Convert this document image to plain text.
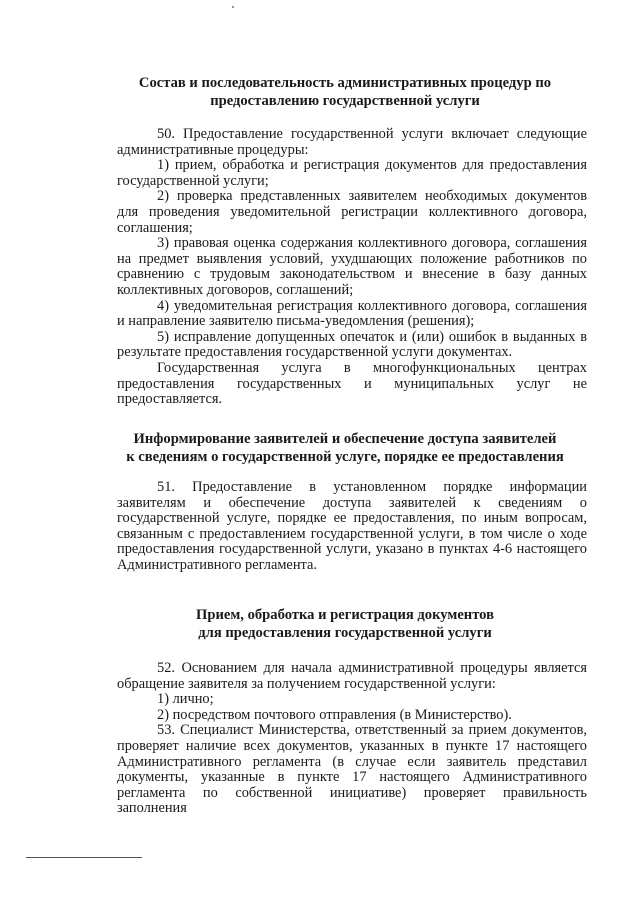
Состав и последовательность административных процедур по
предоставлению государственной услуги

50. Предоставление государственной услуги включает следующие административные процедуры:

1) прием, обработка и регистрация документов для предоставления государственной услуги;

2) проверка представленных заявителем необходимых документов для проведения уведомительной регистрации коллективного договора, соглашения;

3) правовая оценка содержания коллективного договора, соглашения на предмет выявления условий, ухудшающих положение работников по сравнению с трудовым законодательством и внесение в базу данных коллективных договоров, соглашений;

4) уведомительная регистрация коллективного договора, соглашения и направление заявителю письма-уведомления (решения);

5) исправление допущенных опечаток и (или) ошибок в выданных в результате предоставления государственной услуги документах.

Государственная услуга в многофункциональных центрах предоставления государственных и муниципальных услуг не предоставляется.

Информирование заявителей и обеспечение доступа заявителей
к сведениям о государственной услуге, порядке ее предоставления

51. Предоставление в установленном порядке информации заявителям и обеспечение доступа заявителей к сведениям о государственной услуге, порядке ее предоставления, по иным вопросам, связанным с предоставлением государственной услуги, в том числе о ходе предоставления государственной услуги, указано в пунктах 4-6 настоящего Административного регламента.

Прием, обработка и регистрация документов
для предоставления государственной услуги

52. Основанием для начала административной процедуры является обращение заявителя за получением государственной услуги:

1) лично;

2) посредством почтового отправления (в Министерство).

53. Специалист Министерства, ответственный за прием документов, проверяет наличие всех документов, указанных в пункте 17 настоящего Административного регламента (в случае если заявитель представил документы, указанные в пункте 17 настоящего Административного регламента по собственной инициативе) проверяет правильность заполнения
